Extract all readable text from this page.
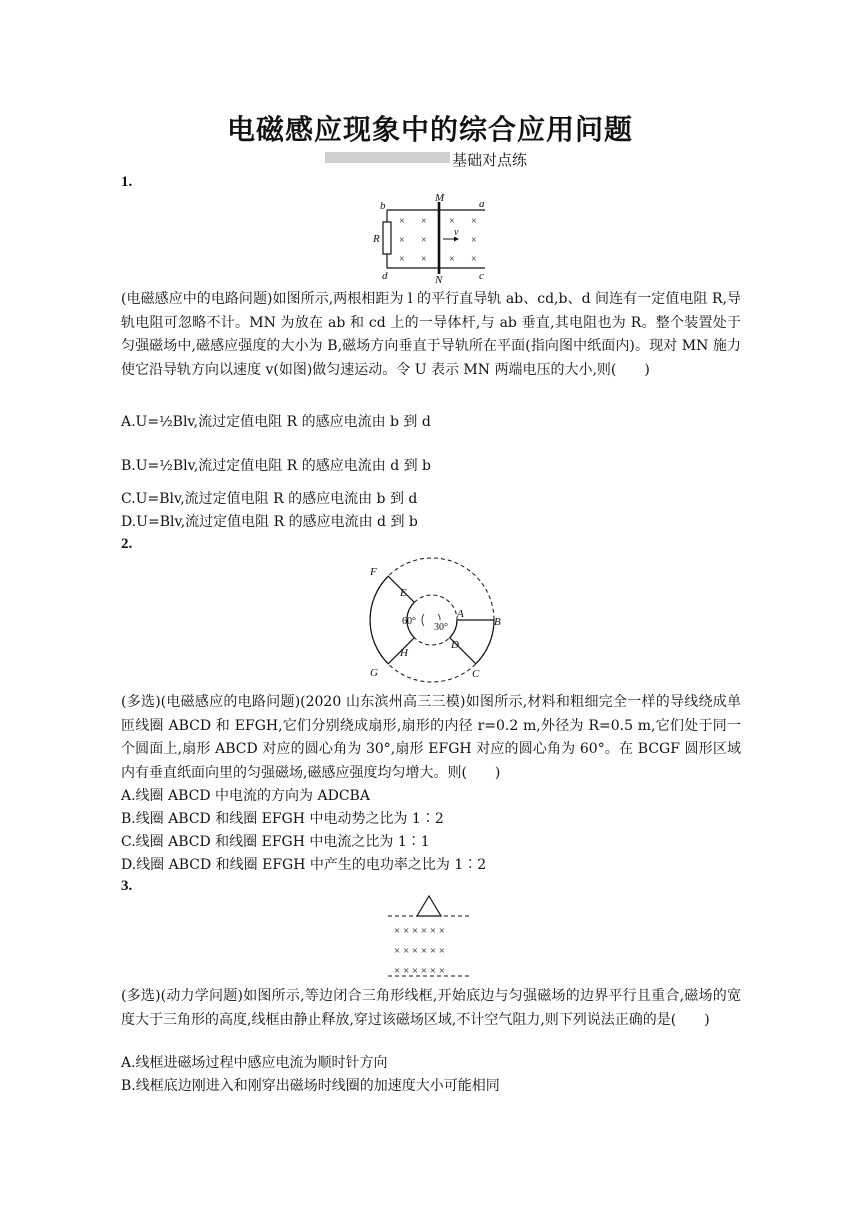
电磁感应现象中的综合应用问题
基础对点练
1.
× × × ×
× ×	×
× × × ×
M
N
a
b
c
d
R
v
(电磁感应中的电路问题)如图所示,两根相距为 l 的平行直导轨 ab、cd,b、d 间连有一定值电阻 R,导轨电阻可忽略不计。MN 为放在 ab 和 cd 上的一导体杆,与 ab 垂直,其电阻也为 R。整个装置处于匀强磁场中,磁感应强度的大小为 B,磁场方向垂直于导轨所在平面(指向图中纸面内)。现对 MN 施力使它沿导轨方向以速度 v(如图)做匀速运动。令 U 表示 MN 两端电压的大小,则(　　)
A.U=½Blv,流过定值电阻 R 的感应电流由 b 到 d
B.U=½Blv,流过定值电阻 R 的感应电流由 d 到 b
C.U=Blv,流过定值电阻 R 的感应电流由 b 到 d
D.U=Blv,流过定值电阻 R 的感应电流由 d 到 b
2.
A
B
C
D
E
F
G
H
60°
30°
(多选)(电磁感应的电路问题)(2020 山东滨州高三三模)如图所示,材料和粗细完全一样的导线绕成单匝线圈 ABCD 和 EFGH,它们分别绕成扇形,扇形的内径 r=0.2 m,外径为 R=0.5 m,它们处于同一个圆面上,扇形 ABCD 对应的圆心角为 30°,扇形 EFGH 对应的圆心角为 60°。在 BCGF 圆形区域内有垂直纸面向里的匀强磁场,磁感应强度均匀增大。则(　　)
A.线圈 ABCD 中电流的方向为 ADCBA
B.线圈 ABCD 和线圈 EFGH 中电动势之比为 1∶2
C.线圈 ABCD 和线圈 EFGH 中电流之比为 1∶1
D.线圈 ABCD 和线圈 EFGH 中产生的电功率之比为 1∶2
3.
× × × × × ×
× × × × × ×
× × × × × ×
(多选)(动力学问题)如图所示,等边闭合三角形线框,开始底边与匀强磁场的边界平行且重合,磁场的宽度大于三角形的高度,线框由静止释放,穿过该磁场区域,不计空气阻力,则下列说法正确的是(　　)
A.线框进磁场过程中感应电流为顺时针方向
B.线框底边刚进入和刚穿出磁场时线圈的加速度大小可能相同
